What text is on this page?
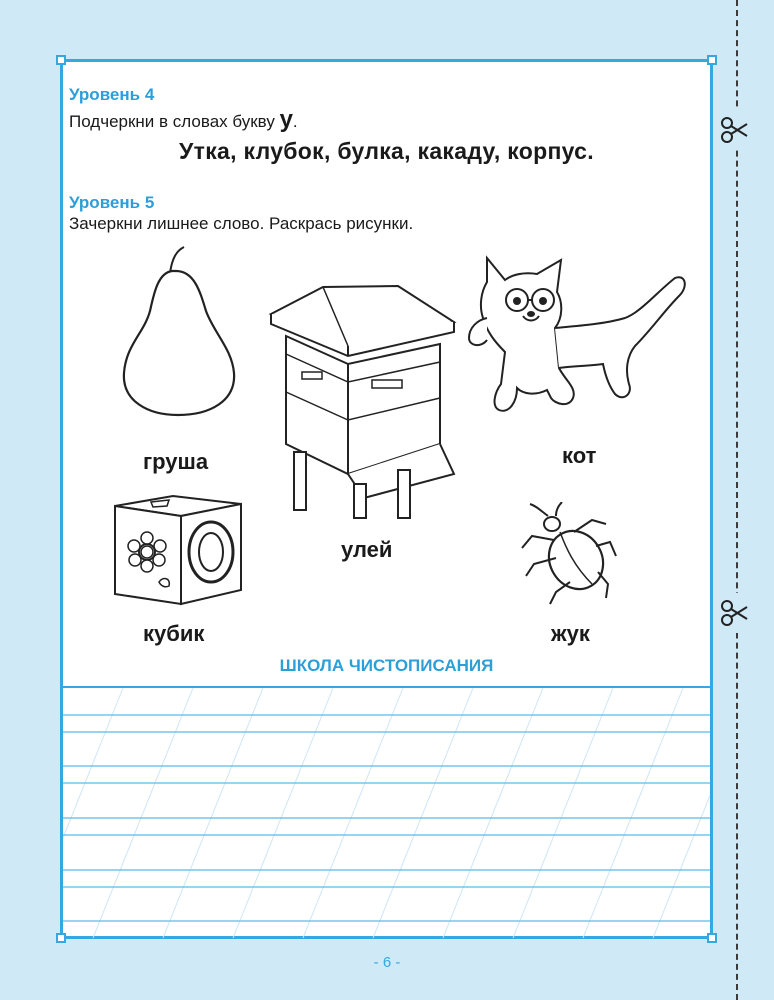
Уровень 4
Подчеркни в словах букву у.
Утка, клубок, булка, какаду, корпус.
Уровень 5
Зачеркни лишнее слово. Раскрась рисунки.
груша
улей
кот
кубик	жук
ШКОЛА ЧИСТОПИСАНИЯ
- 6 -
